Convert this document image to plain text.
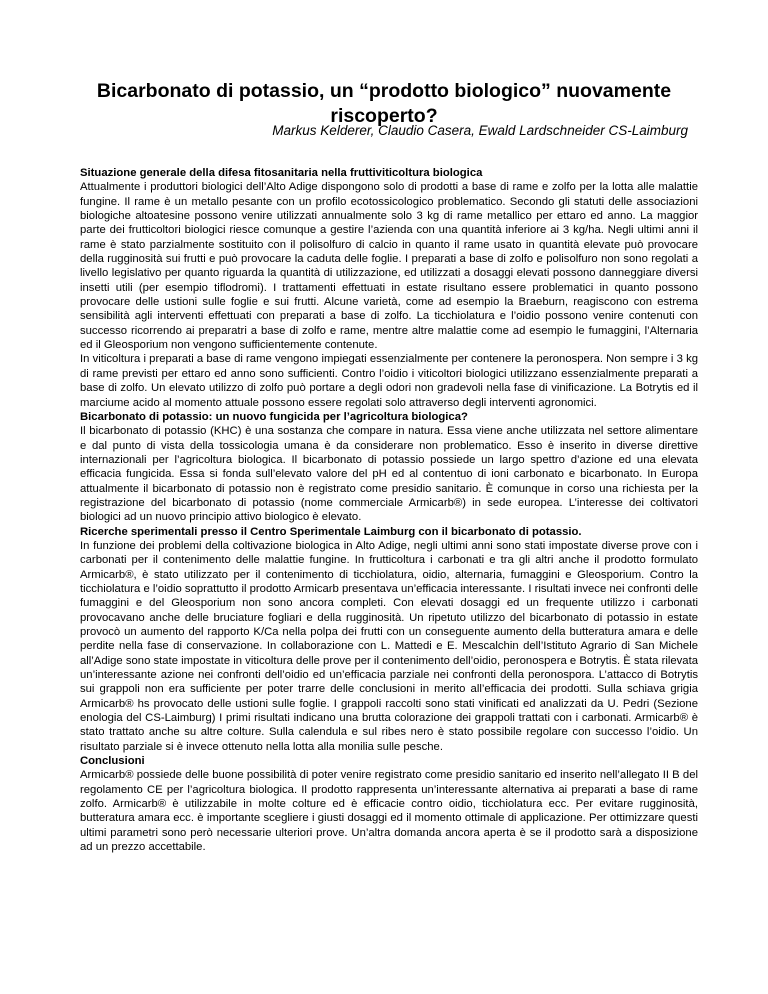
Bicarbonato di potassio, un “prodotto biologico” nuovamente riscoperto?
Markus Kelderer, Claudio Casera, Ewald Lardschneider CS-Laimburg
Situazione generale della difesa fitosanitaria nella fruttiviticoltura biologica

Attualmente i produttori biologici dell’Alto Adige dispongono solo di prodotti a base di rame e zolfo per la lotta alle malattie fungine. Il rame è un metallo pesante con un profilo ecotossicologico problematico. Secondo gli statuti delle associazioni biologiche altoatesine possono venire utilizzati annualmente solo 3 kg di rame metallico per ettaro ed anno. La maggior parte dei frutticoltori biologici riesce comunque a gestire l’azienda con una quantità inferiore ai 3 kg/ha. Negli ultimi anni il rame è stato parzialmente sostituito con il polisolfuro di calcio in quanto il rame usato in quantità elevate può provocare della rugginosità sui frutti e può provocare la caduta delle foglie. I preparati a base di zolfo e polisolfuro non sono regolati a livello legislativo per quanto riguarda la quantità di utilizzazione, ed utilizzati a dosaggi elevati possono danneggiare diversi insetti utili (per esempio tiflodromi). I trattamenti effettuati in estate risultano essere problematici in quanto possono provocare delle ustioni sulle foglie e sui frutti. Alcune varietà, come ad esempio la Braeburn, reagiscono con estrema sensibilità agli interventi effettuati con preparati a base di zolfo. La ticchiolatura e l’oidio possono venire contenuti con successo ricorrendo ai preparatri a base di zolfo e rame, mentre altre malattie come ad esempio le fumaggini, l’Alternaria ed il Gleosporium non vengono sufficientemente contenute.

In viticoltura i preparati a base di rame vengono impiegati essenzialmente per contenere la peronospera. Non sempre i 3 kg di rame previsti per ettaro ed anno sono sufficienti. Contro l’oidio i viticoltori biologici utilizzano essenzialmente preparati a base di zolfo. Un elevato utilizzo di zolfo può portare a degli odori non gradevoli nella fase di vinificazione. La Botrytis ed il marciume acido al momento attuale possono essere regolati solo attraverso degli interventi agronomici.

Bicarbonato di potassio: un nuovo fungicida per l’agricoltura biologica?

Il bicarbonato di potassio (KHC) è una sostanza che compare in natura. Essa viene anche utilizzata nel settore alimentare e dal punto di vista della tossicologia umana è da considerare non problematico. Esso è inserito in diverse direttive internazionali per l’agricoltura biologica. Il bicarbonato di potassio possiede un largo spettro d’azione ed una elevata efficacia fungicida. Essa si fonda sull’elevato valore del pH ed al contentuo di ioni carbonato e bicarbonato. In Europa attualmente il bicarbonato di potassio non è registrato come presidio sanitario. È comunque in corso una richiesta per la registrazione del bicarbonato di potassio (nome commerciale Armicarb®) in sede europea. L’interesse dei coltivatori biologici ad un nuovo principio attivo biologico è elevato.

Ricerche sperimentali presso il Centro Sperimentale Laimburg con il bicarbonato di potassio.

In funzione dei problemi della coltivazione biologica in Alto Adige, negli ultimi anni sono stati impostate diverse prove con i carbonati per il contenimento delle malattie fungine. In frutticoltura i carbonati e tra gli altri anche il prodotto formulato Armicarb®, è stato utilizzato per il contenimento di ticchiolatura, oidio, alternaria, fumaggini e Gleosporium. Contro la ticchiolatura e l’oidio soprattutto il prodotto Armicarb presentava un’efficacia interessante. I risultati invece nei confronti delle fumaggini e del Gleosporium non sono ancora completi. Con elevati dosaggi ed un frequente utilizzo i carbonati provocavano anche delle bruciature fogliari e della rugginosità. Un ripetuto utilizzo del bicarbonato di potassio in estate provocò un aumento del rapporto K/Ca nella polpa dei frutti con un conseguente aumento della butteratura amara e delle perdite nella fase di conservazione. In collaborazione con L. Mattedi e E. Mescalchin dell’Istituto Agrario di San Michele all’Adige sono state impostate in viticoltura delle prove per il contenimento dell’oidio, peronospera e Botrytis. È stata rilevata un’interessante azione nei confronti dell’oidio ed un’efficacia parziale nei confronti della peronospora. L’attacco di Botrytis sui grappoli non era sufficiente per poter trarre delle conclusioni in merito all’efficacia dei prodotti. Sulla schiava grigia Armicarb® hs provocato delle ustioni sulle foglie. I grappoli raccolti sono stati vinificati ed analizzati da U. Pedri (Sezione enologia del CS-Laimburg) I primi risultati indicano una brutta colorazione dei grappoli trattati con i carbonati. Armicarb® è stato trattato anche su altre colture. Sulla calendula e sul ribes nero è stato possibile regolare con successo l’oidio. Un risultato parziale si è invece ottenuto nella lotta alla monilia sulle pesche.

Conclusioni

Armicarb® possiede delle buone possibilità di poter venire registrato come presidio sanitario ed inserito nell’allegato II B del regolamento CE per l’agricoltura biologica. Il prodotto rappresenta un’interessante alternativa ai preparati a base di rame zolfo. Armicarb® è utilizzabile in molte colture ed è efficacie contro oidio, ticchiolatura ecc. Per evitare rugginosità, butteratura amara ecc. è importante scegliere i giusti dosaggi ed il momento ottimale di applicazione. Per ottimizzare questi ultimi parametri sono però necessarie ulteriori prove. Un’altra domanda ancora aperta è se il prodotto sarà a disposizione ad un prezzo accettabile.
